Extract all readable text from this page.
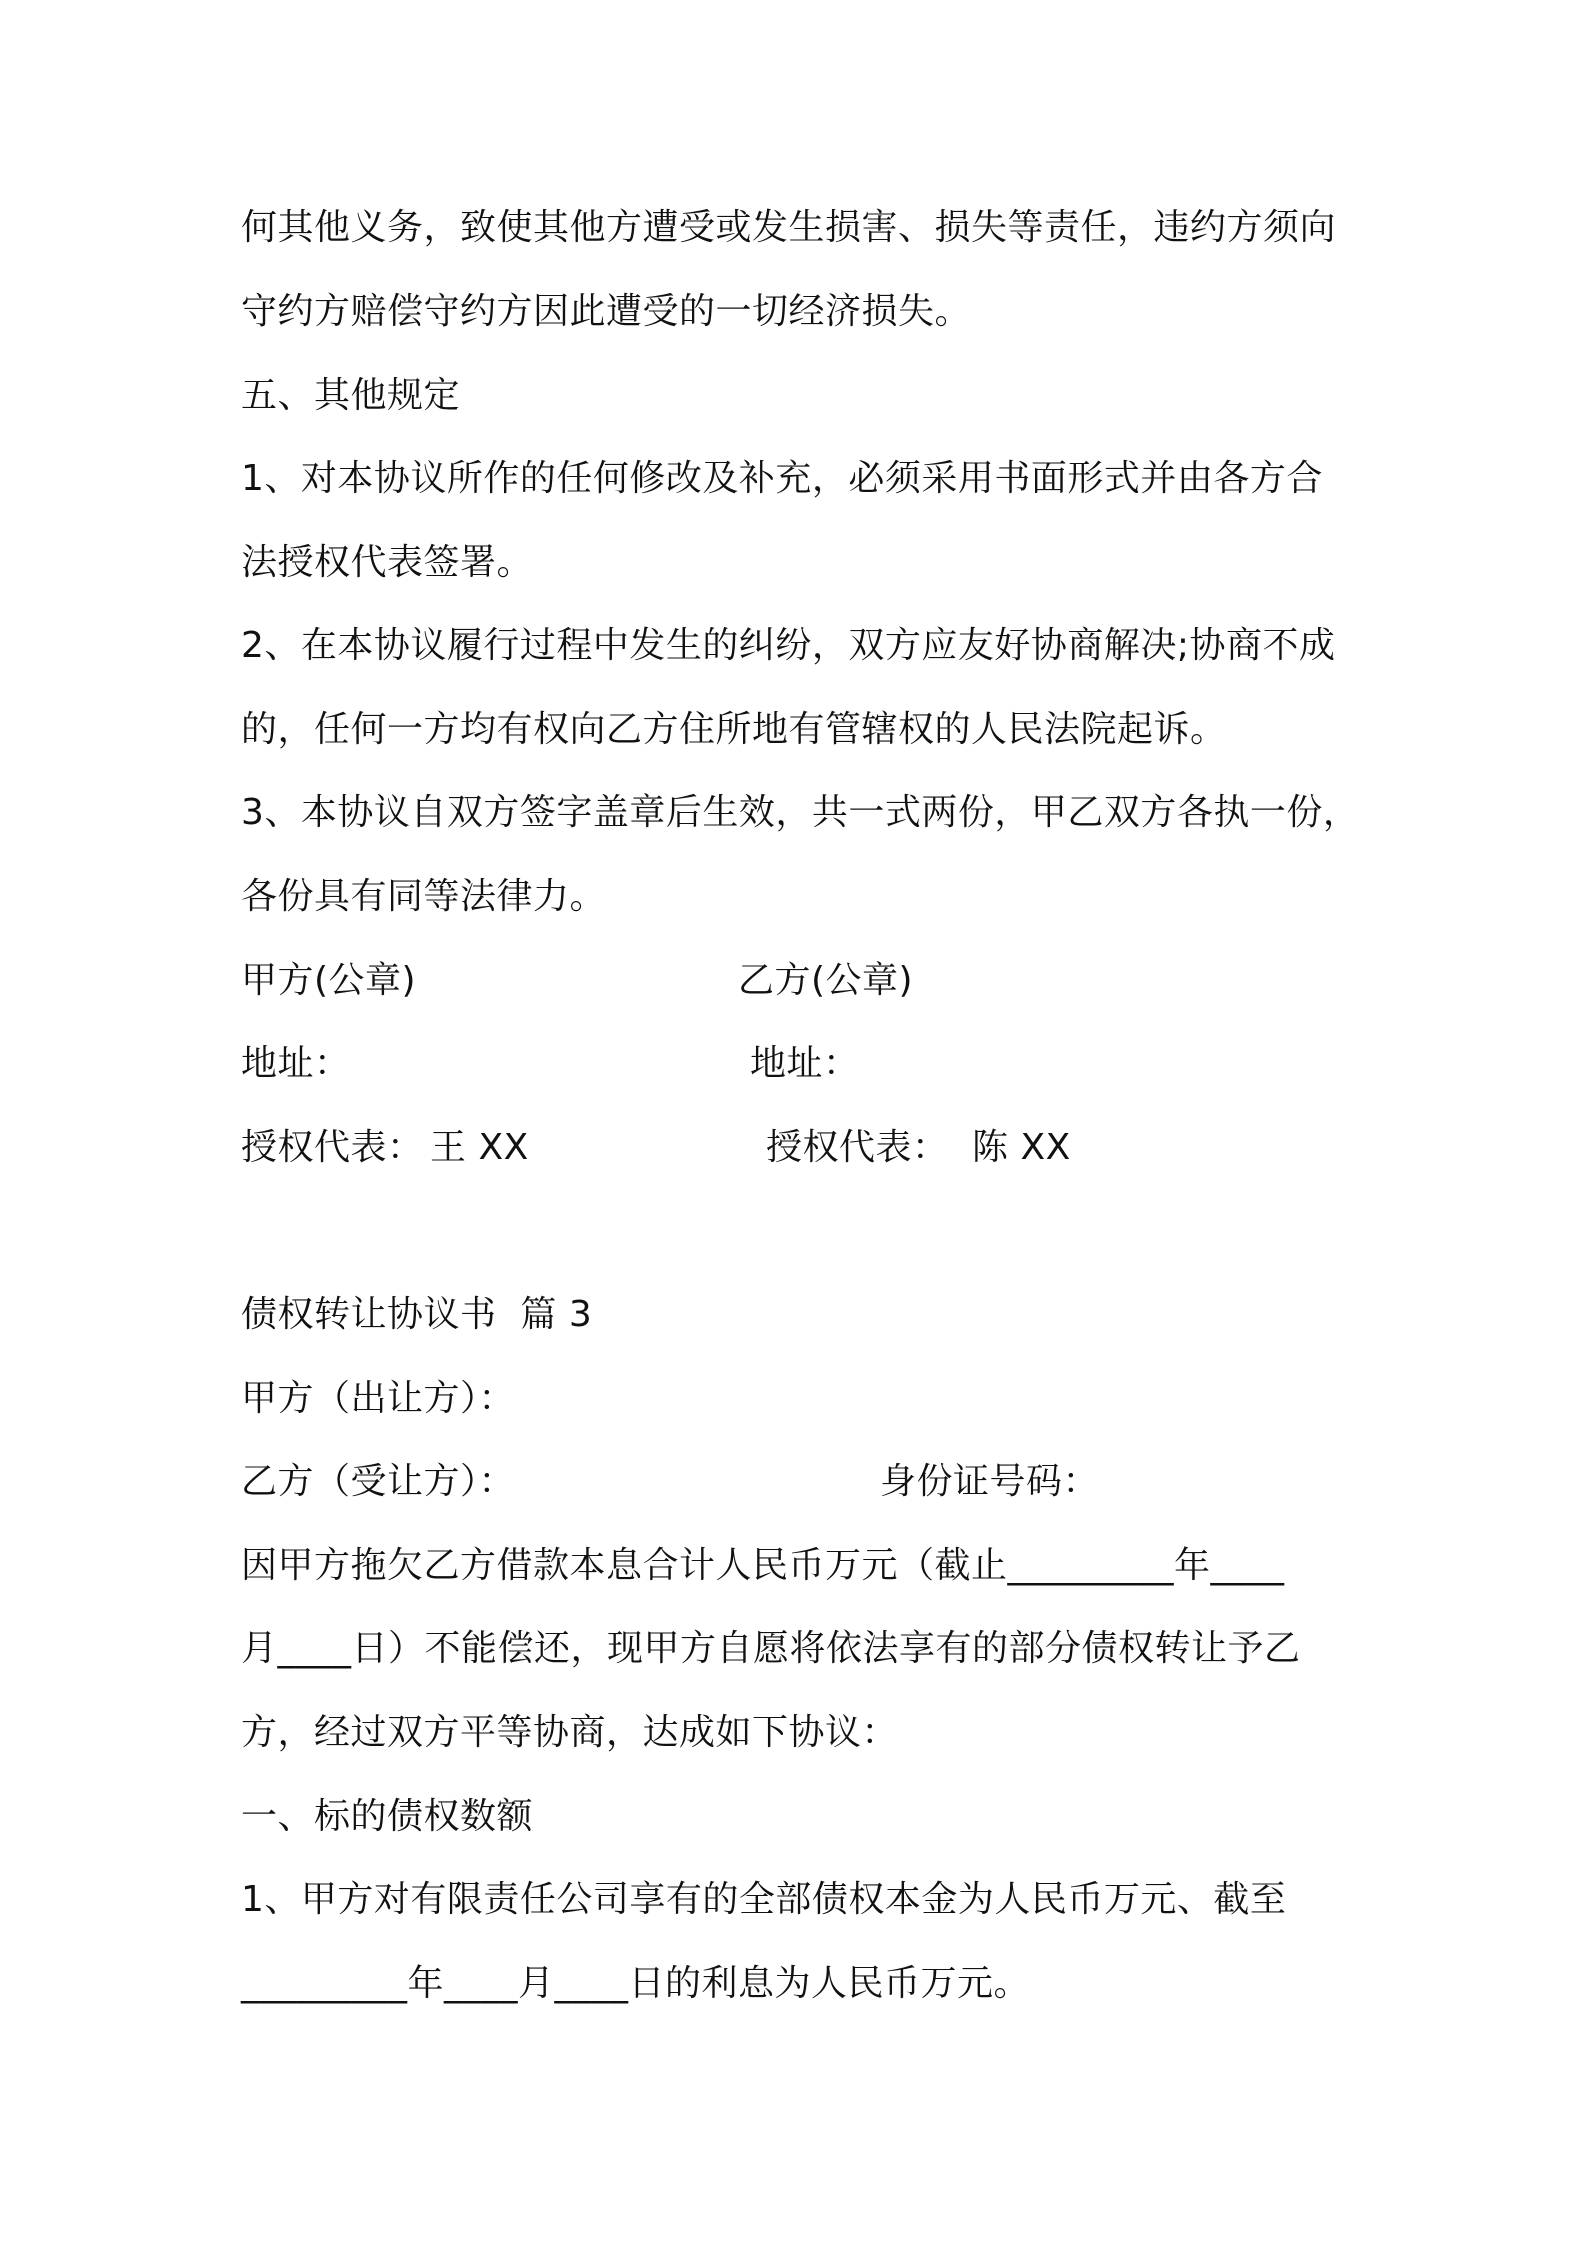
何其他义务，致使其他方遭受或发生损害、损失等责任，违约方须向
守约方赔偿守约方因此遭受的一切经济损失。
五、其他规定
1、对本协议所作的任何修改及补充，必须采用书面形式并由各方合
法授权代表签署。
2、在本协议履行过程中发生的纠纷，双方应友好协商解决;协商不成
的，任何一方均有权向乙方住所地有管辖权的人民法院起诉。
3、本协议自双方签字盖章后生效，共一式两份，甲乙双方各执一份，
各份具有同等法律力。
甲方(公章)	乙方(公章)
地址：	地址：
授权代表： 王 XX	授权代表： 陈 XX
债权转让协议书  篇 3
甲方（出让方）：
乙方（受让方）：	身份证号码：
因甲方拖欠乙方借款本息合计人民币万元（截止_________年____
月____日）不能偿还，现甲方自愿将依法享有的部分债权转让予乙
方，经过双方平等协商，达成如下协议：
一、标的债权数额
1、甲方对有限责任公司享有的全部债权本金为人民币万元、截至
_________年____月____日的利息为人民币万元。
